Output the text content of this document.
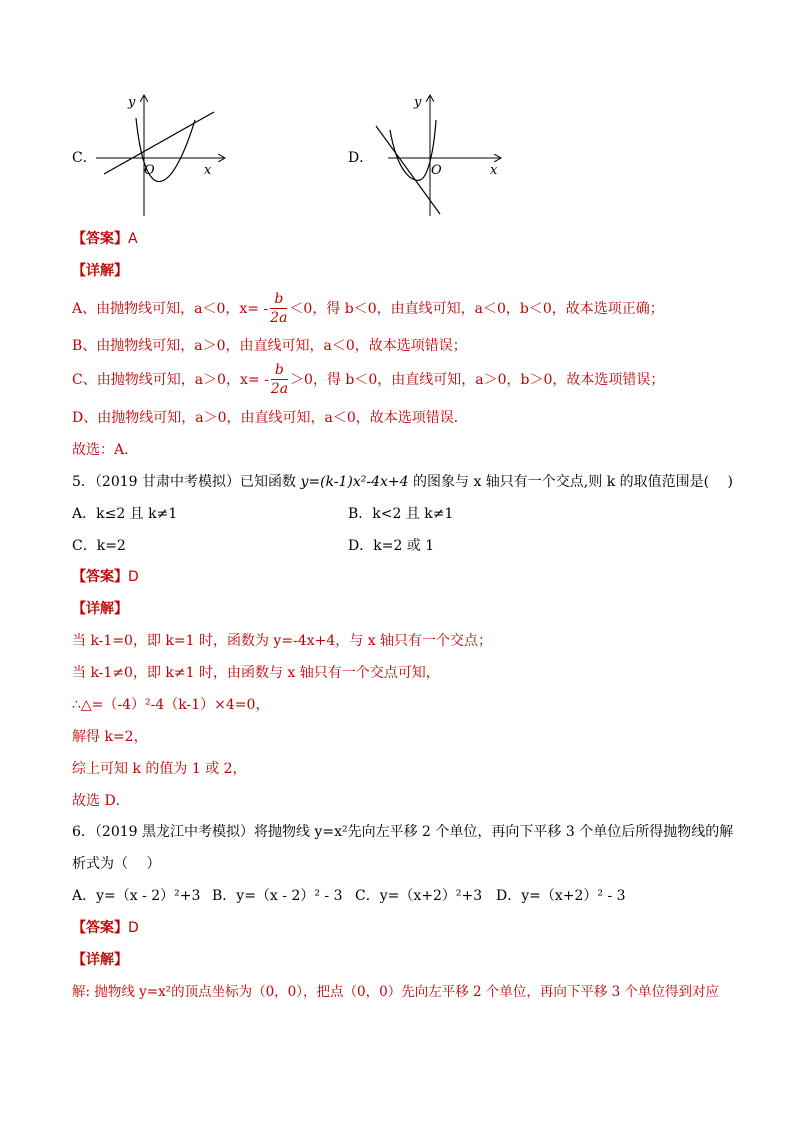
C．
y
x
O
D．
y
x
O
【答案】A
【详解】
A、由抛物线可知，a＜0，$x= - \frac{b}{2a} <0$，得 b＜0，由直线可知，a＜0，b＜0，故本选项正确；
B、由抛物线可知，a＞0，由直线可知，a＜0，故本选项错误；
C、由抛物线可知，a＞0，$x= - \frac{b}{2a} >0$，得 b＜0，由直线可知，a＞0，b＞0，故本选项错误；
D、由抛物线可知，a＞0，由直线可知，a＜0，故本选项错误．
故选：A．
5．（2019 甘肃中考模拟）已知函数 y=(k-1)x²-4x+4 的图象与 x 轴只有一个交点,则 k 的取值范围是(　 )
A．k≤2 且 k≠1	B．k<2 且 k≠1
C．k=2	D．k=2 或 1
【答案】D
【详解】
当 k-1=0，即 k=1 时，函数为 y=-4x+4，与 x 轴只有一个交点；
当 k-1≠0，即 k≠1 时，由函数与 x 轴只有一个交点可知，
∴△=（-4）²-4（k-1）×4=0，
解得 k=2，
综上可知 k 的值为 1 或 2，
故选 D．
6．（2019 黑龙江中考模拟）将抛物线 y=x²先向左平移 2 个单位，再向下平移 3 个单位后所得抛物线的解
析式为（　 ）
A．y=（x - 2）²+3 B．y=（x - 2）² - 3 C．y=（x+2）²+3 D．y=（x+2）² - 3
【答案】D
【详解】
解: 抛物线 y=x²的顶点坐标为（0，0），把点（0，0）先向左平移 2 个单位，再向下平移 3 个单位得到对应
